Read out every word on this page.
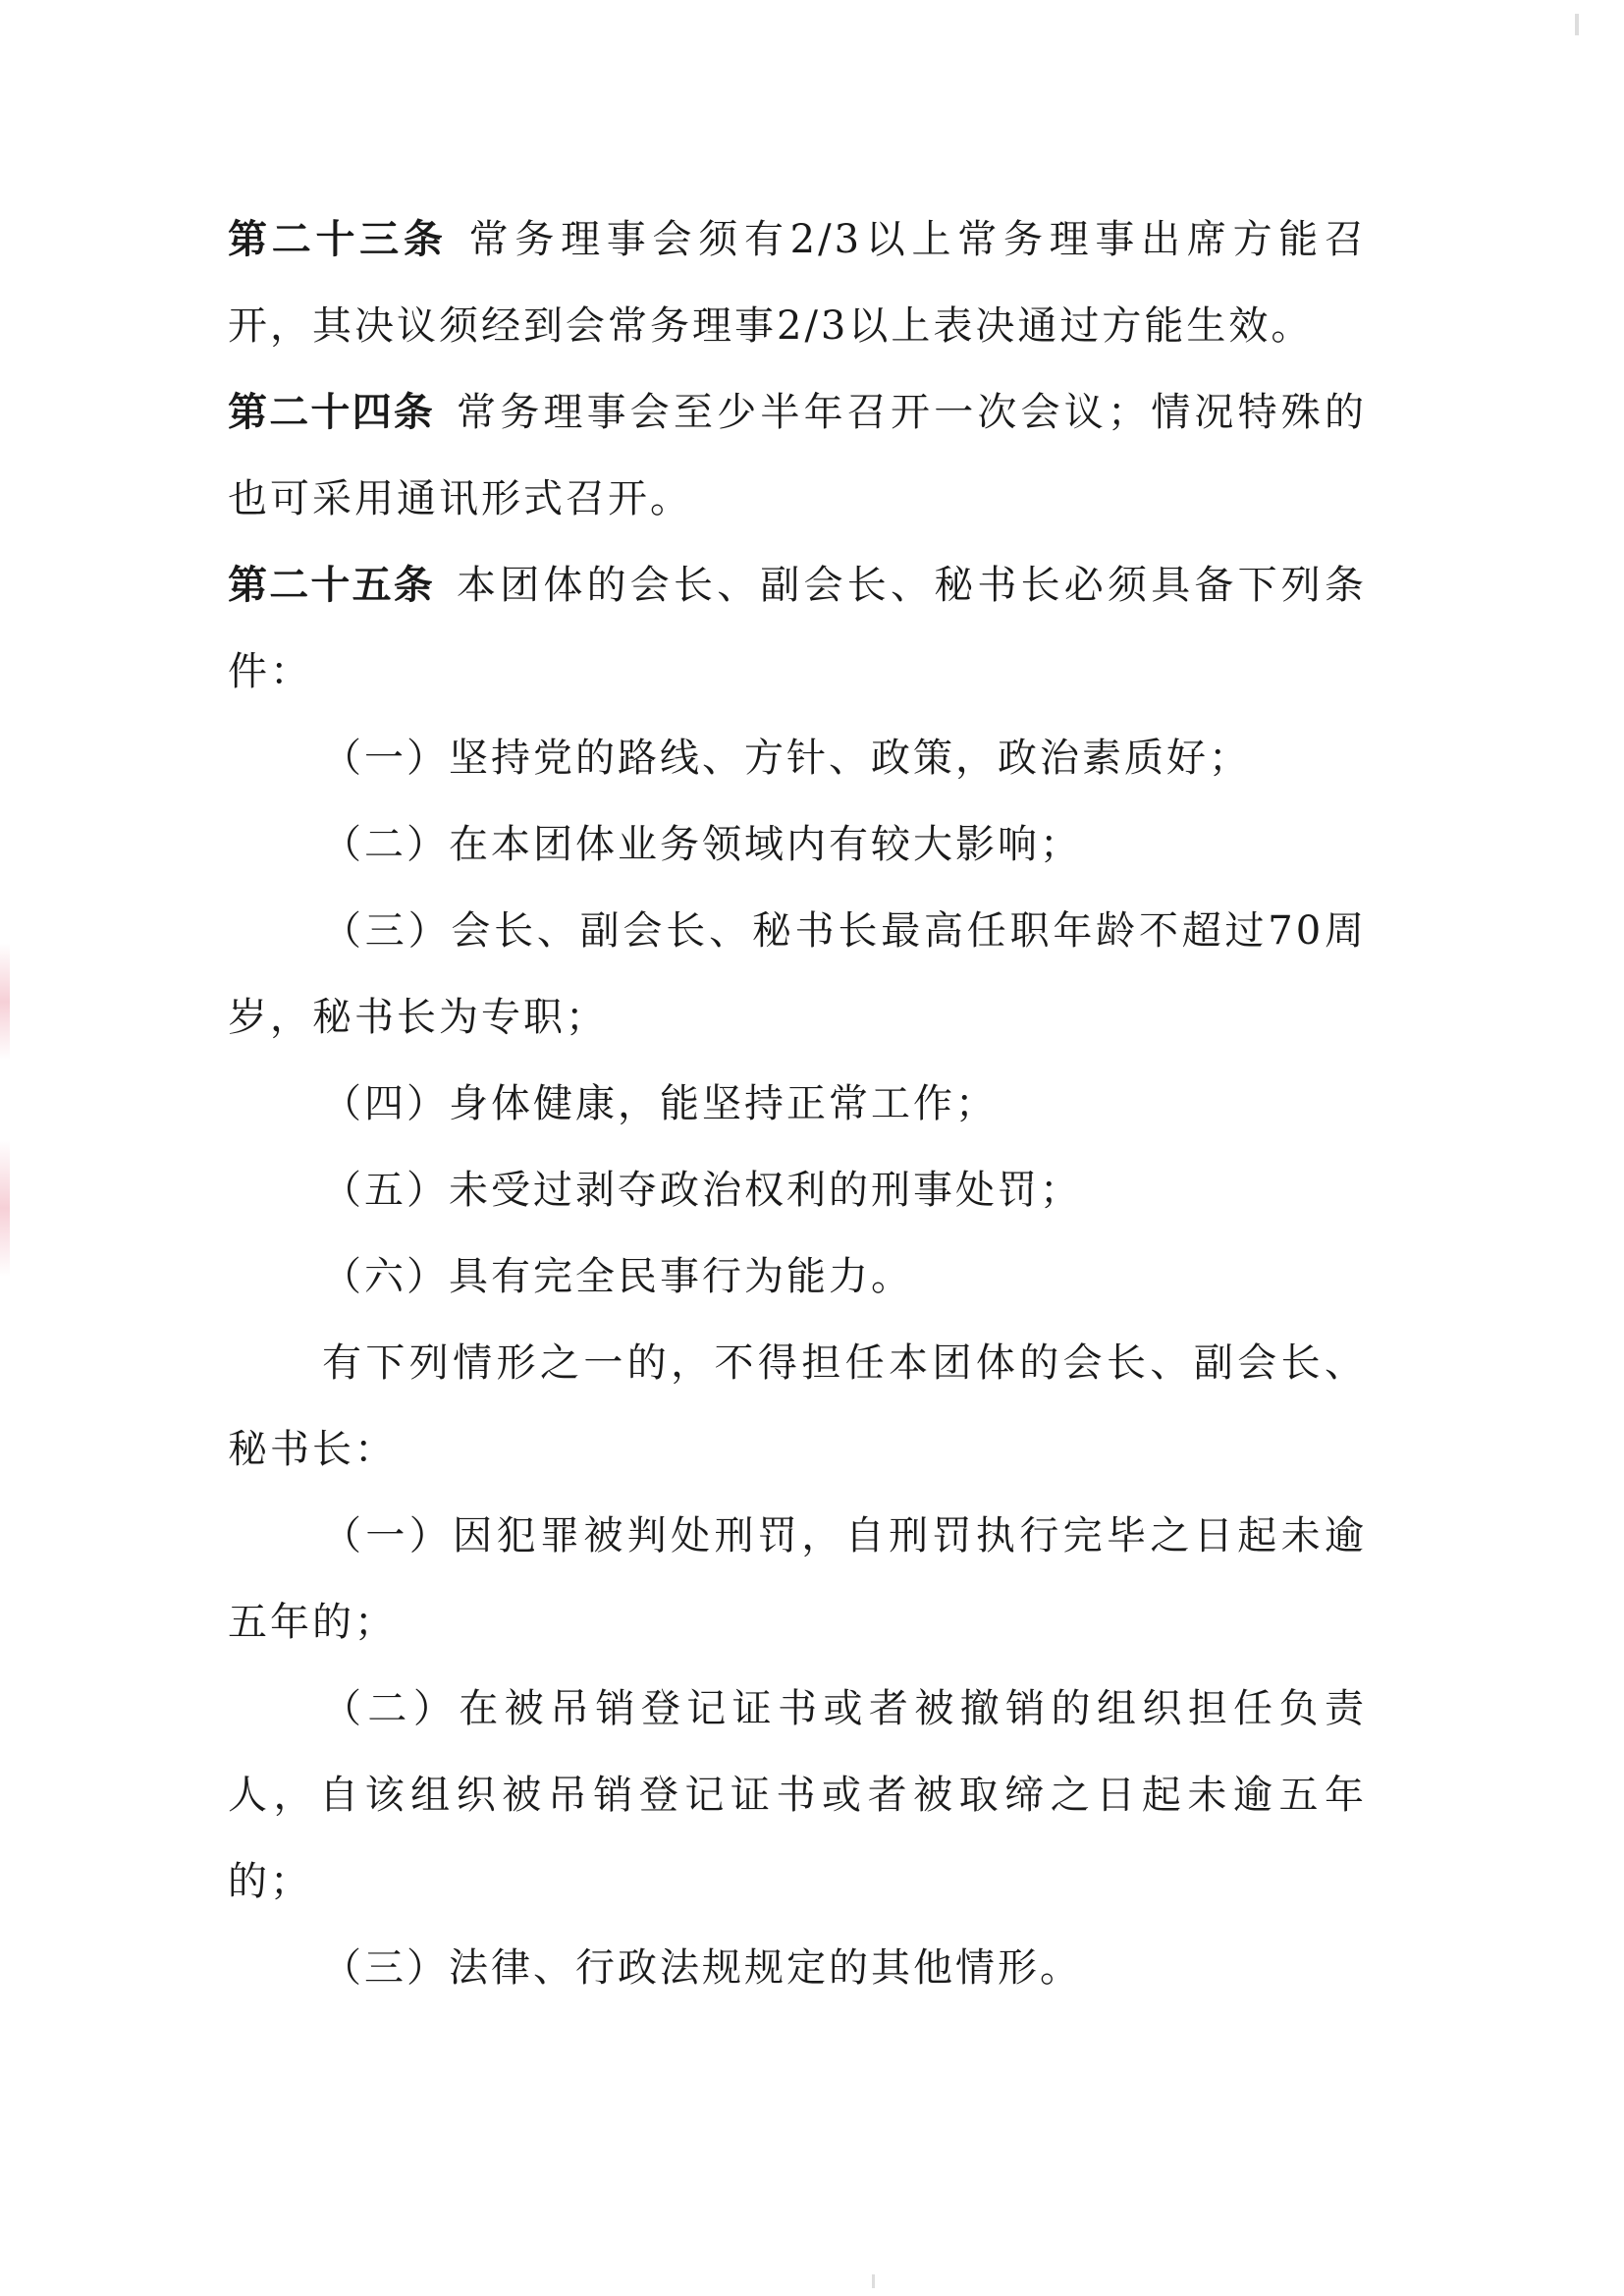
第二十三条 常务理事会须有2/3以上常务理事出席方能召开，其决议须经到会常务理事2/3以上表决通过方能生效。

第二十四条 常务理事会至少半年召开一次会议；情况特殊的也可采用通讯形式召开。

第二十五条 本团体的会长、副会长、秘书长必须具备下列条件：

（一）坚持党的路线、方针、政策，政治素质好；

（二）在本团体业务领域内有较大影响；

（三）会长、副会长、秘书长最高任职年龄不超过70周岁，秘书长为专职；

（四）身体健康，能坚持正常工作；

（五）未受过剥夺政治权利的刑事处罚；

（六）具有完全民事行为能力。

有下列情形之一的，不得担任本团体的会长、副会长、秘书长：

（一）因犯罪被判处刑罚，自刑罚执行完毕之日起未逾五年的；

（二）在被吊销登记证书或者被撤销的组织担任负责人，自该组织被吊销登记证书或者被取缔之日起未逾五年的；

（三）法律、行政法规规定的其他情形。
